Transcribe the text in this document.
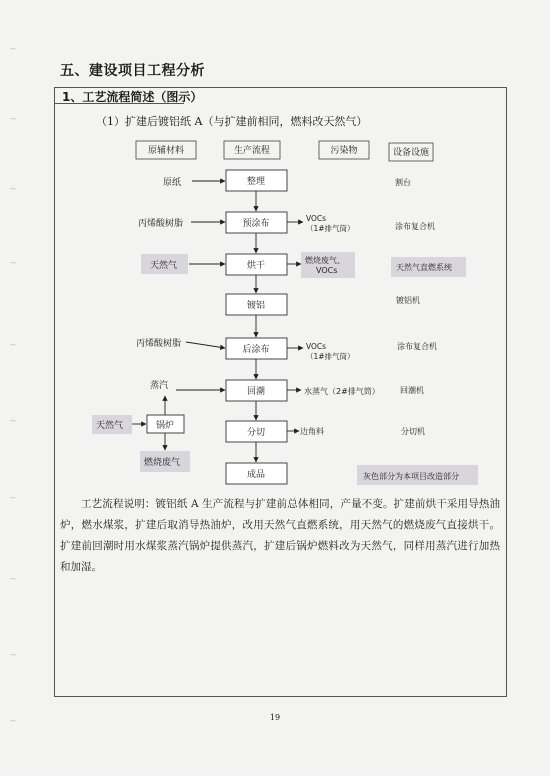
五、建设项目工程分析
1、工艺流程简述（图示）
（1）扩建后镀铝纸 A（与扩建前相同，燃料改天然气）
原辅材料	生产流程	污染物	设备设施
整理
预涂布
烘干
镀铝
后涂布
回潮
分切
成品
锅炉
原纸
丙烯酸树脂
天然气
丙烯酸树脂
蒸汽
天然气
燃烧废气
VOCs
（1#排气筒）
燃烧废气、
VOCs
VOCs
（1#排气筒）
水蒸气（2#排气筒）
边角料
割台
涂布复合机
天然气直燃系统
镀铝机
涂布复合机
回潮机
分切机
灰色部分为本项目改造部分
工艺流程说明：镀铝纸 A 生产流程与扩建前总体相同，产量不变。扩建前烘干采用导热油炉，燃水煤浆，扩建后取消导热油炉，改用天然气直燃系统，用天然气的燃烧废气直接烘干。扩建前回潮时用水煤浆蒸汽锅炉提供蒸汽，扩建后锅炉燃料改为天然气，同样用蒸汽进行加热和加湿。
19
